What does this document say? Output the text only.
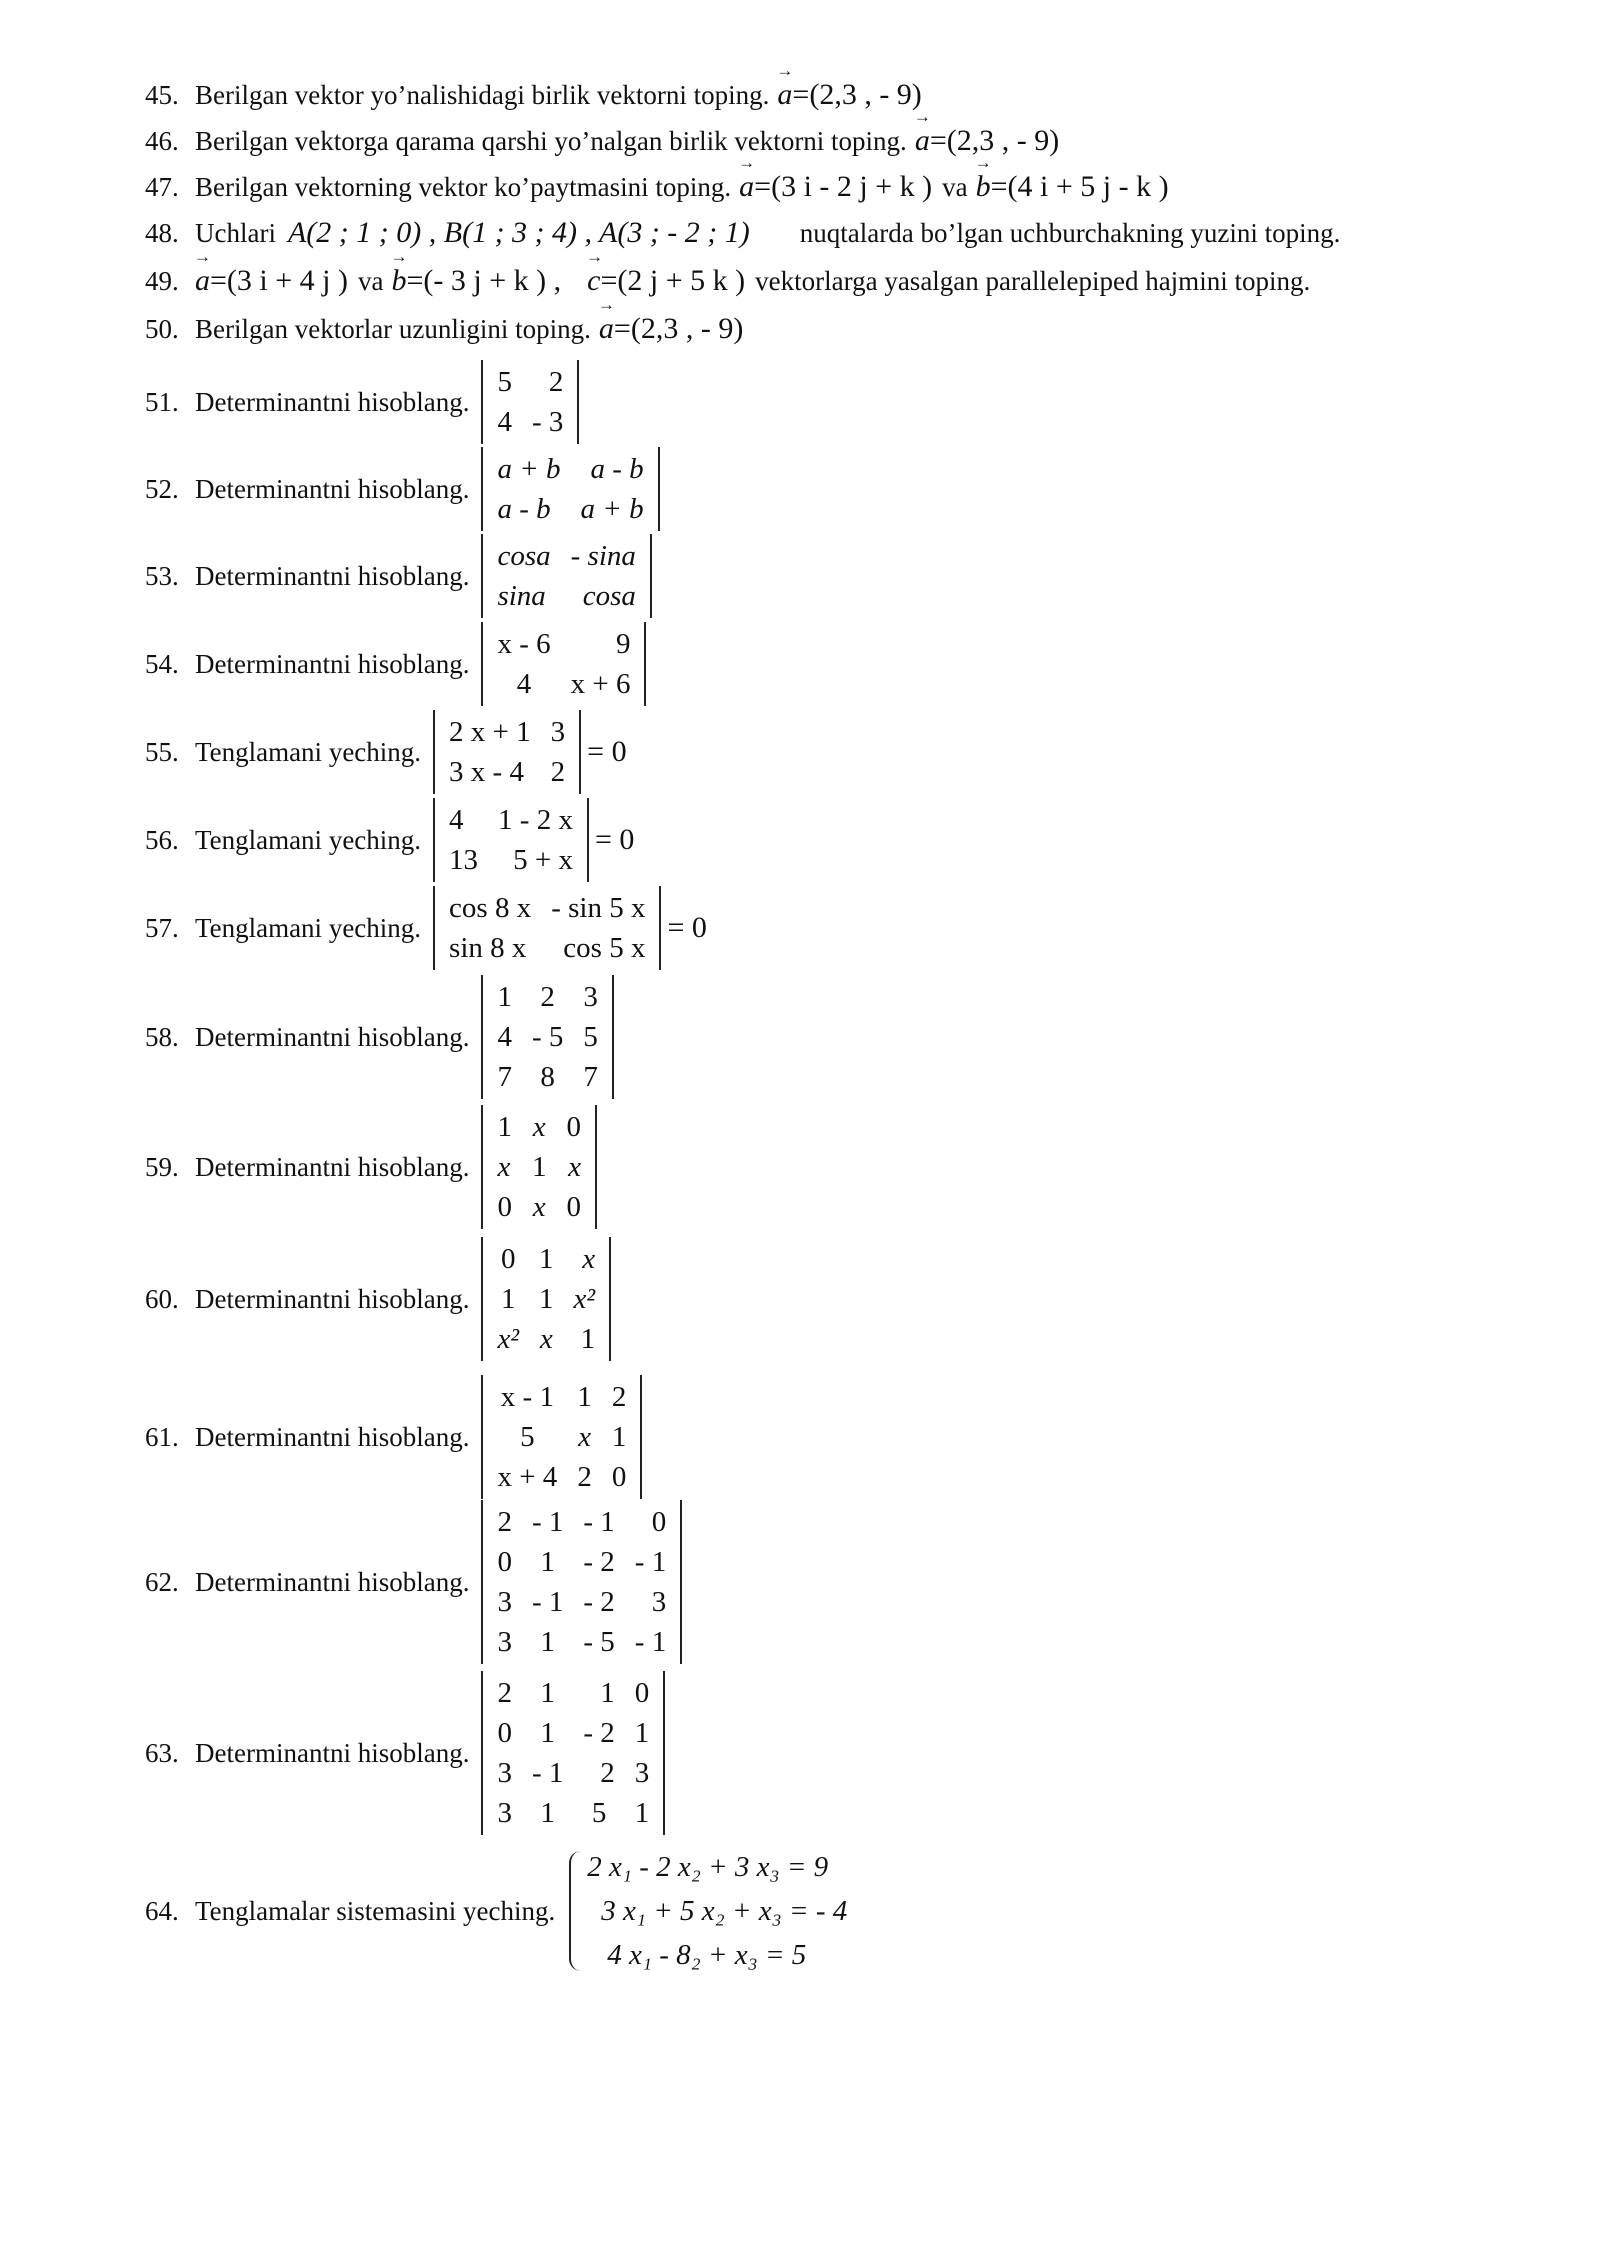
45. Berilgan vektor yo’nalishidagi birlik vektorni toping. → a=(2,3 , - 9)
46. Berilgan vektorga qarama qarshi yo’nalgan birlik vektorni toping. → a=(2,3 , - 9)
47. Berilgan vektorning vektor ko’paytmasini toping. → a=(3 i - 2 j + k ) va → b=(4 i + 5 j - k )
48. Uchlari A(2 ; 1 ; 0) , B(1 ; 3 ; 4) , A(3 ; - 2 ; 1) nuqtalarda bo’lgan uchburchakning yuzini toping.
49. → a=(3 i + 4 j ) va → b=(- 3 j + k ) , → c=(2 j + 5 k ) vektorlarga yasalgan parallelepiped hajmini toping.
50. Berilgan vektorlar uzunligini toping. → a=(2,3 , - 9)
51. Determinantni hisoblang.
5	2
4	- 3
52. Determinantni hisoblang.
a + b	a - b
a - b	a + b
53. Determinantni hisoblang.
cosa	- sina
sina	cosa
54. Determinantni hisoblang.
x - 6	9
4	x + 6
55. Tenglamani yeching.
2 x + 1	3
3 x - 4	2
= 0
56. Tenglamani yeching.
4	1 - 2 x
13	5 + x
= 0
57. Tenglamani yeching.
cos 8 x	- sin 5 x
sin 8 x	cos 5 x
= 0
58. Determinantni hisoblang.
1	2	3
4	- 5	5
7	8	7
59. Determinantni hisoblang.
1	x	0
x	1	x
0	x	0
60. Determinantni hisoblang.
0	1	x
1	1	x²
x²	x	1
61. Determinantni hisoblang.
x - 1	1	2
5	x	1
x + 4	2	0
62. Determinantni hisoblang.
2	- 1	- 1	0
0	1	- 2	- 1
3	- 1	- 2	3
3	1	- 5	- 1
63. Determinantni hisoblang.
2	1	1	0
0	1	- 2	1
3	- 1	2	3
3	1	5	1
64. Tenglamalar sistemasini yeching.
2 x₁ - 2 x₂ + 3 x₃ = 9
3 x₁ + 5 x₂ + x₃ = - 4
4 x₁ - 8₂ + x₃ = 5
